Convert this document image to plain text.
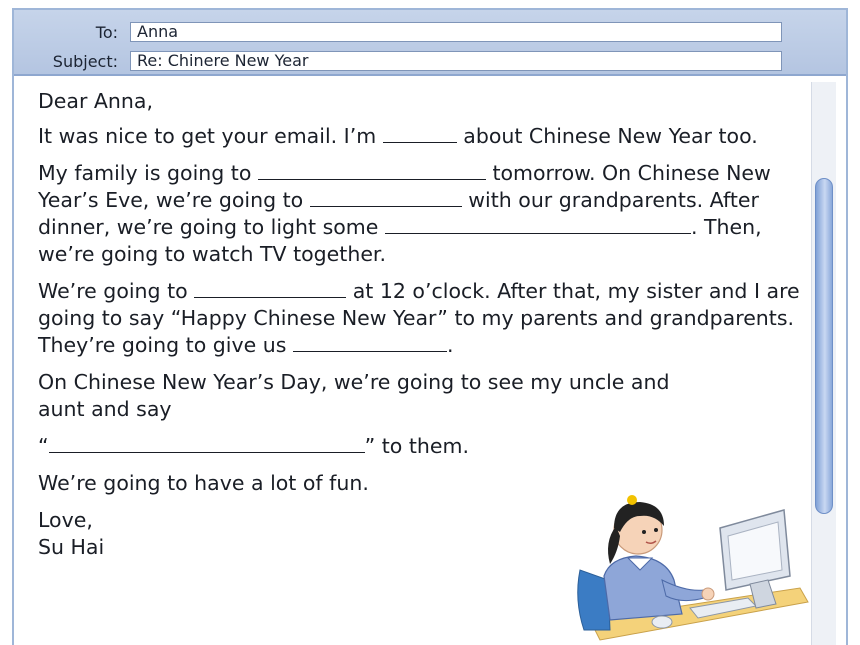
To:	Anna
Subject:	Re: Chinere New Year

Dear Anna,

It was nice to get your email. I’m	about Chinese New Year too.

My family is going to	tomorrow. On Chinese New Year’s Eve, we’re going to	with our grandparents. After dinner, we’re going to light some	. Then, we’re going to watch TV together.

We’re going to	at 12 o’clock. After that, my sister and I are going to say “Happy Chinese New Year” to my parents and grandparents. They’re going to give us	.

On Chinese New Year’s Day, we’re going to see my uncle and aunt and say

“	” to them.

We’re going to have a lot of fun.

Love,

Su Hai
